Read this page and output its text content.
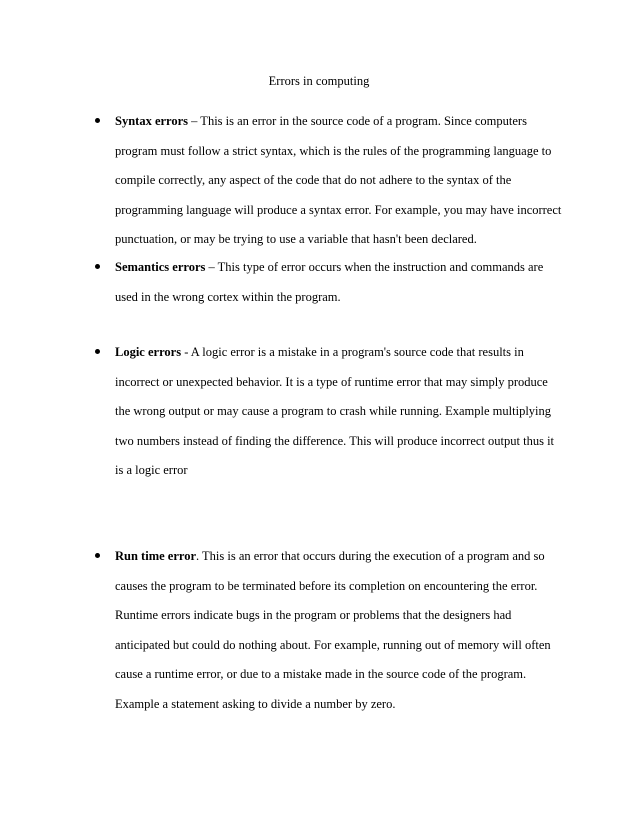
Errors in computing
Syntax errors – This is an error in the source code of a program. Since computers
program must follow a strict syntax, which is the rules of the programming language to
compile correctly, any aspect of the code that do not adhere to the syntax of the
programming language will produce a syntax error. For example, you may have incorrect
punctuation, or may be trying to use a variable that hasn't been declared.
Semantics errors – This type of error occurs when the instruction and commands are
used in the wrong cortex within the program.
Logic errors - A logic error is a mistake in a program's source code that results in
incorrect or unexpected behavior. It is a type of runtime error that may simply produce
the wrong output or may cause a program to crash while running. Example multiplying
two numbers instead of finding the difference. This will produce incorrect output thus it
is a logic error
Run time error. This is an error that occurs during the execution of a program and so
causes the program to be terminated before its completion on encountering the error.
Runtime errors indicate bugs in the program or problems that the designers had
anticipated but could do nothing about. For example, running out of memory will often
cause a runtime error, or due to a mistake made in the source code of the program.
Example a statement asking to divide a number by zero.
